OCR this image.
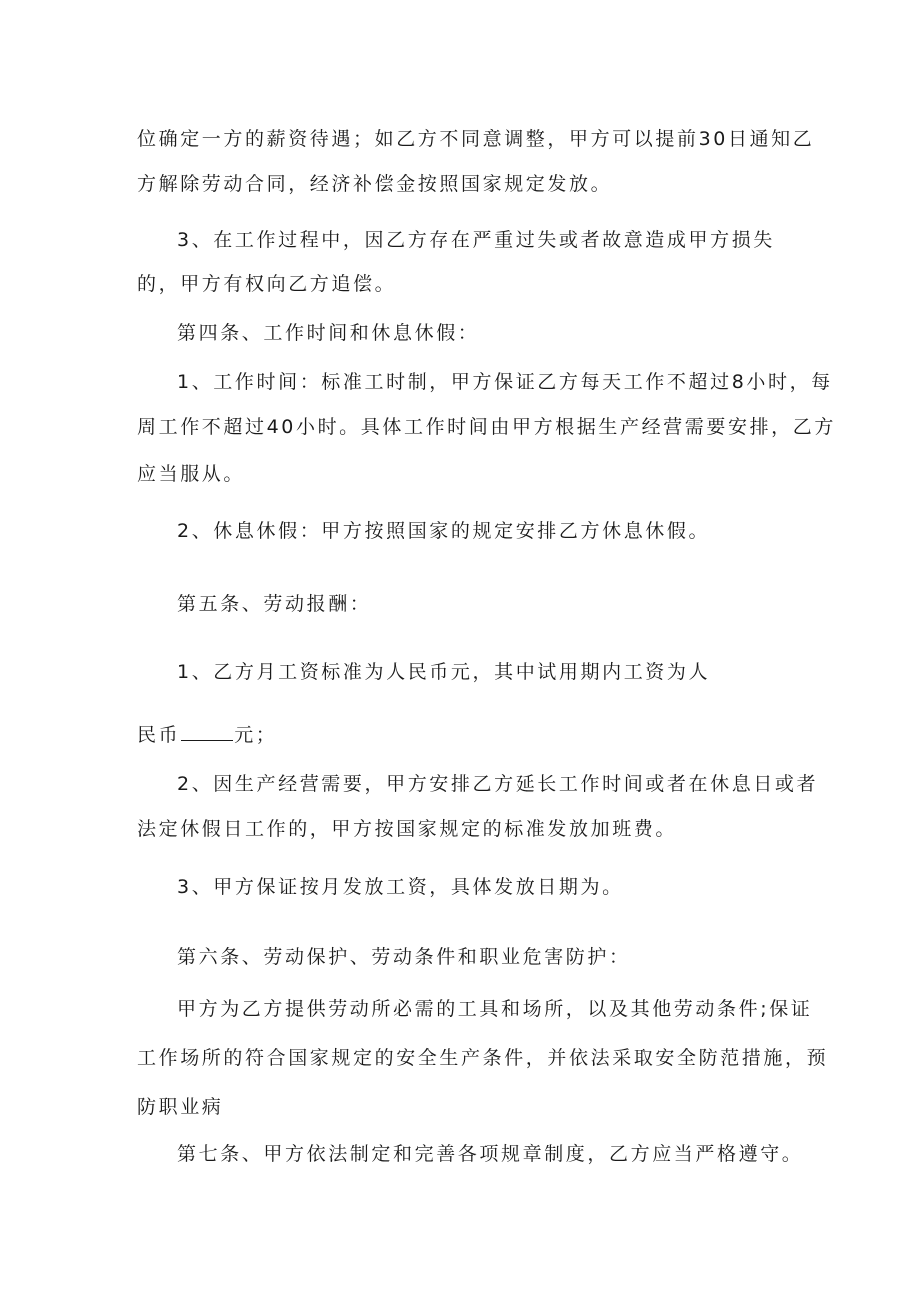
位确定一方的薪资待遇；如乙方不同意调整，甲方可以提前30日通知乙
方解除劳动合同，经济补偿金按照国家规定发放。
3、在工作过程中，因乙方存在严重过失或者故意造成甲方损失
的，甲方有权向乙方追偿。
第四条、工作时间和休息休假：
1、工作时间：标准工时制，甲方保证乙方每天工作不超过8小时，每
周工作不超过40小时。具体工作时间由甲方根据生产经营需要安排，乙方
应当服从。
2、休息休假：甲方按照国家的规定安排乙方休息休假。
第五条、劳动报酬：
1、乙方月工资标准为人民币元，其中试用期内工资为人
民币	元；
2、因生产经营需要，甲方安排乙方延长工作时间或者在休息日或者
法定休假日工作的，甲方按国家规定的标准发放加班费。
3、甲方保证按月发放工资，具体发放日期为。
第六条、劳动保护、劳动条件和职业危害防护：
甲方为乙方提供劳动所必需的工具和场所，以及其他劳动条件;保证
工作场所的符合国家规定的安全生产条件，并依法采取安全防范措施，预
防职业病
第七条、甲方依法制定和完善各项规章制度，乙方应当严格遵守。
